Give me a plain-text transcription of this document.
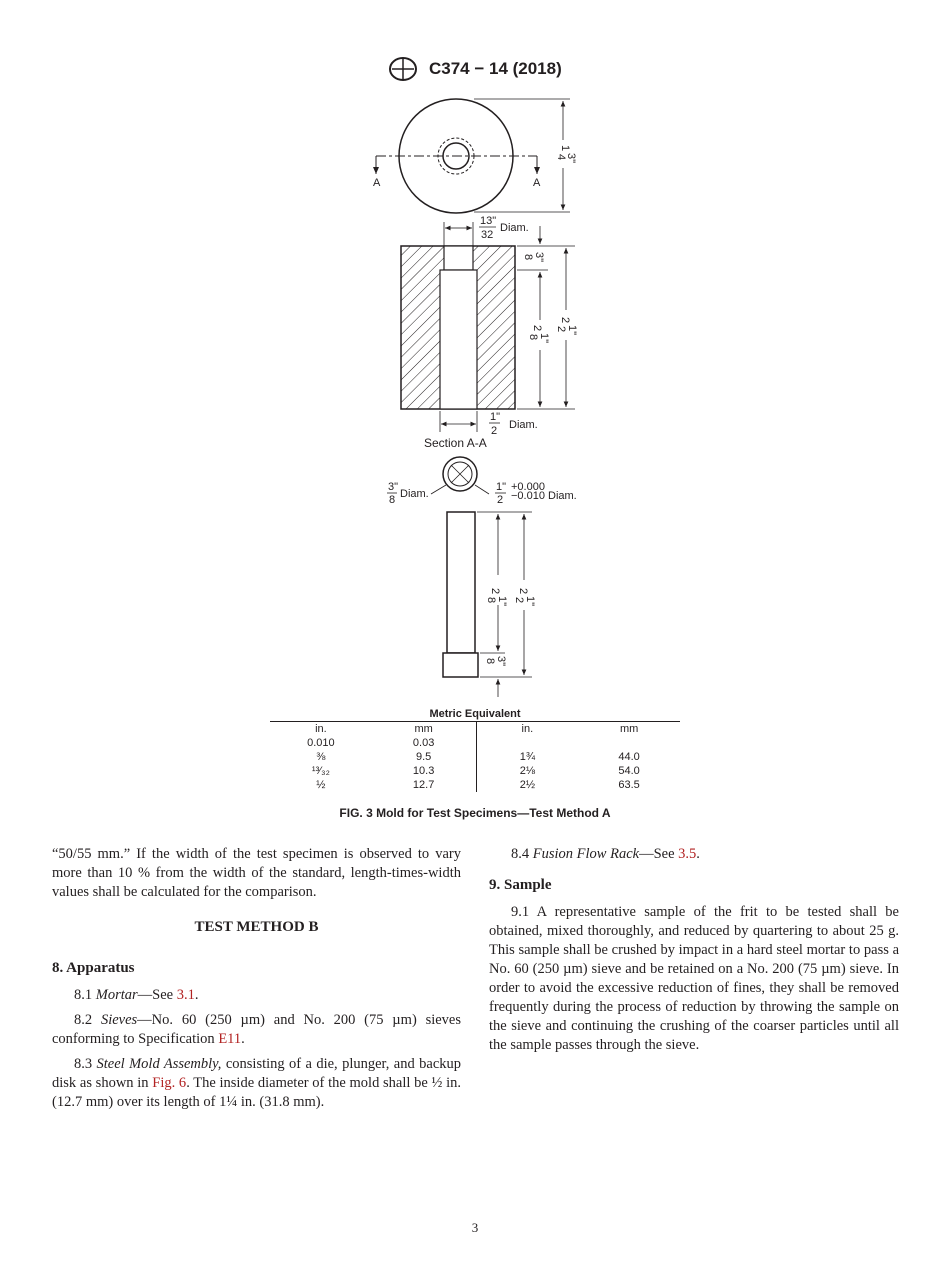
C374 − 14 (2018)
A	A
1
3"
4
13"
32
Diam.
3"
8
2
1"
8
2
1"
2
1"
2 Diam.
Section A-A
3"
8 Diam.
1"
2
+0.000
−0.010 Diam.
2
1"
8
2
1"
2
3"
8
Metric Equivalent
in.	mm	in.	mm
0.010	0.03		
⅜	9.5	1¾	44.0
¹³⁄₃₂	10.3	2⅛	54.0
½	12.7	2½	63.5
FIG. 3 Mold for Test Specimens—Test Method A

“50/55 mm.” If the width of the test specimen is observed to vary more than 10 % from the width of the standard, length-times-width values shall be calculated for the comparison.

TEST METHOD B
8. Apparatus

8.1 Mortar—See 3.1.

8.2 Sieves—No. 60 (250 µm) and No. 200 (75 µm) sieves conforming to Specification E11.

8.3 Steel Mold Assembly, consisting of a die, plunger, and backup disk as shown in Fig. 6. The inside diameter of the mold shall be ½ in. (12.7 mm) over its length of 1¼ in. (31.8 mm).

8.4 Fusion Flow Rack—See 3.5.

9. Sample

9.1 A representative sample of the frit to be tested shall be obtained, mixed thoroughly, and reduced by quartering to about 25 g. This sample shall be crushed by impact in a hard steel mortar to pass a No. 60 (250 µm) sieve and be retained on a No. 200 (75 µm) sieve. In order to avoid the excessive reduction of fines, they shall be removed frequently during the process of reduction by throwing the sample on the sieve and continuing the crushing of the coarser particles until all the sample passes through the sieve.

3
